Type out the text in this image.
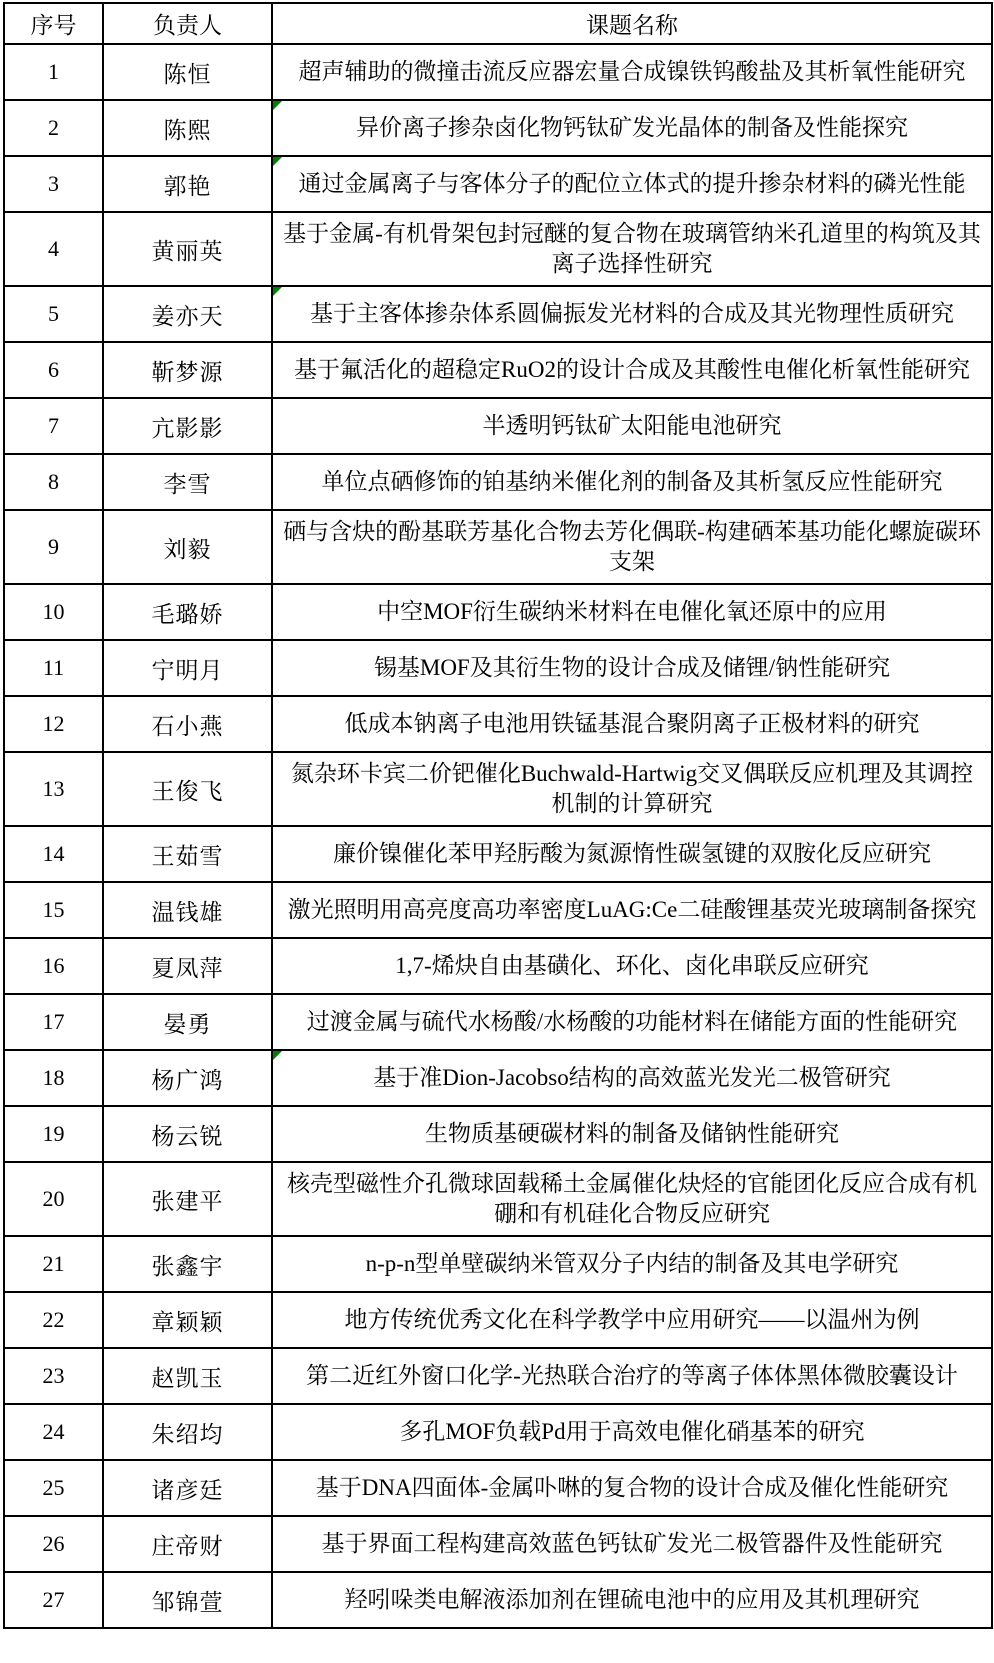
序号	负责人	课题名称
1	陈恒	超声辅助的微撞击流反应器宏量合成镍铁钨酸盐及其析氧性能研究
2	陈熙	异价离子掺杂卤化物钙钛矿发光晶体的制备及性能探究
3	郭艳	通过金属离子与客体分子的配位立体式的提升掺杂材料的磷光性能
4	黄丽英	基于金属-有机骨架包封冠醚的复合物在玻璃管纳米孔道里的构筑及其离子选择性研究
5	姜亦天	基于主客体掺杂体系圆偏振发光材料的合成及其光物理性质研究
6	靳梦源	基于氟活化的超稳定RuO2的设计合成及其酸性电催化析氧性能研究
7	亢影影	半透明钙钛矿太阳能电池研究
8	李雪	单位点硒修饰的铂基纳米催化剂的制备及其析氢反应性能研究
9	刘毅	硒与含炔的酚基联芳基化合物去芳化偶联-构建硒苯基功能化螺旋碳环支架
10	毛璐娇	中空MOF衍生碳纳米材料在电催化氧还原中的应用
11	宁明月	锡基MOF及其衍生物的设计合成及储锂/钠性能研究
12	石小燕	低成本钠离子电池用铁锰基混合聚阴离子正极材料的研究
13	王俊飞	氮杂环卡宾二价钯催化Buchwald-Hartwig交叉偶联反应机理及其调控机制的计算研究
14	王茹雪	廉价镍催化苯甲羟肟酸为氮源惰性碳氢键的双胺化反应研究
15	温钱雄	激光照明用高亮度高功率密度LuAG:Ce二硅酸锂基荧光玻璃制备探究
16	夏凤萍	1,7-烯炔自由基磺化、环化、卤化串联反应研究
17	晏勇	过渡金属与硫代水杨酸/水杨酸的功能材料在储能方面的性能研究
18	杨广鸿	基于准Dion-Jacobso结构的高效蓝光发光二极管研究
19	杨云锐	生物质基硬碳材料的制备及储钠性能研究
20	张建平	核壳型磁性介孔微球固载稀土金属催化炔烃的官能团化反应合成有机硼和有机硅化合物反应研究
21	张鑫宇	n-p-n型单壁碳纳米管双分子内结的制备及其电学研究
22	章颖颖	地方传统优秀文化在科学教学中应用研究——以温州为例
23	赵凯玉	第二近红外窗口化学-光热联合治疗的等离子体体黑体微胶囊设计
24	朱绍均	多孔MOF负载Pd用于高效电催化硝基苯的研究
25	诸彦廷	基于DNA四面体-金属卟啉的复合物的设计合成及催化性能研究
26	庄帝财	基于界面工程构建高效蓝色钙钛矿发光二极管器件及性能研究
27	邹锦萱	羟吲哚类电解液添加剂在锂硫电池中的应用及其机理研究
